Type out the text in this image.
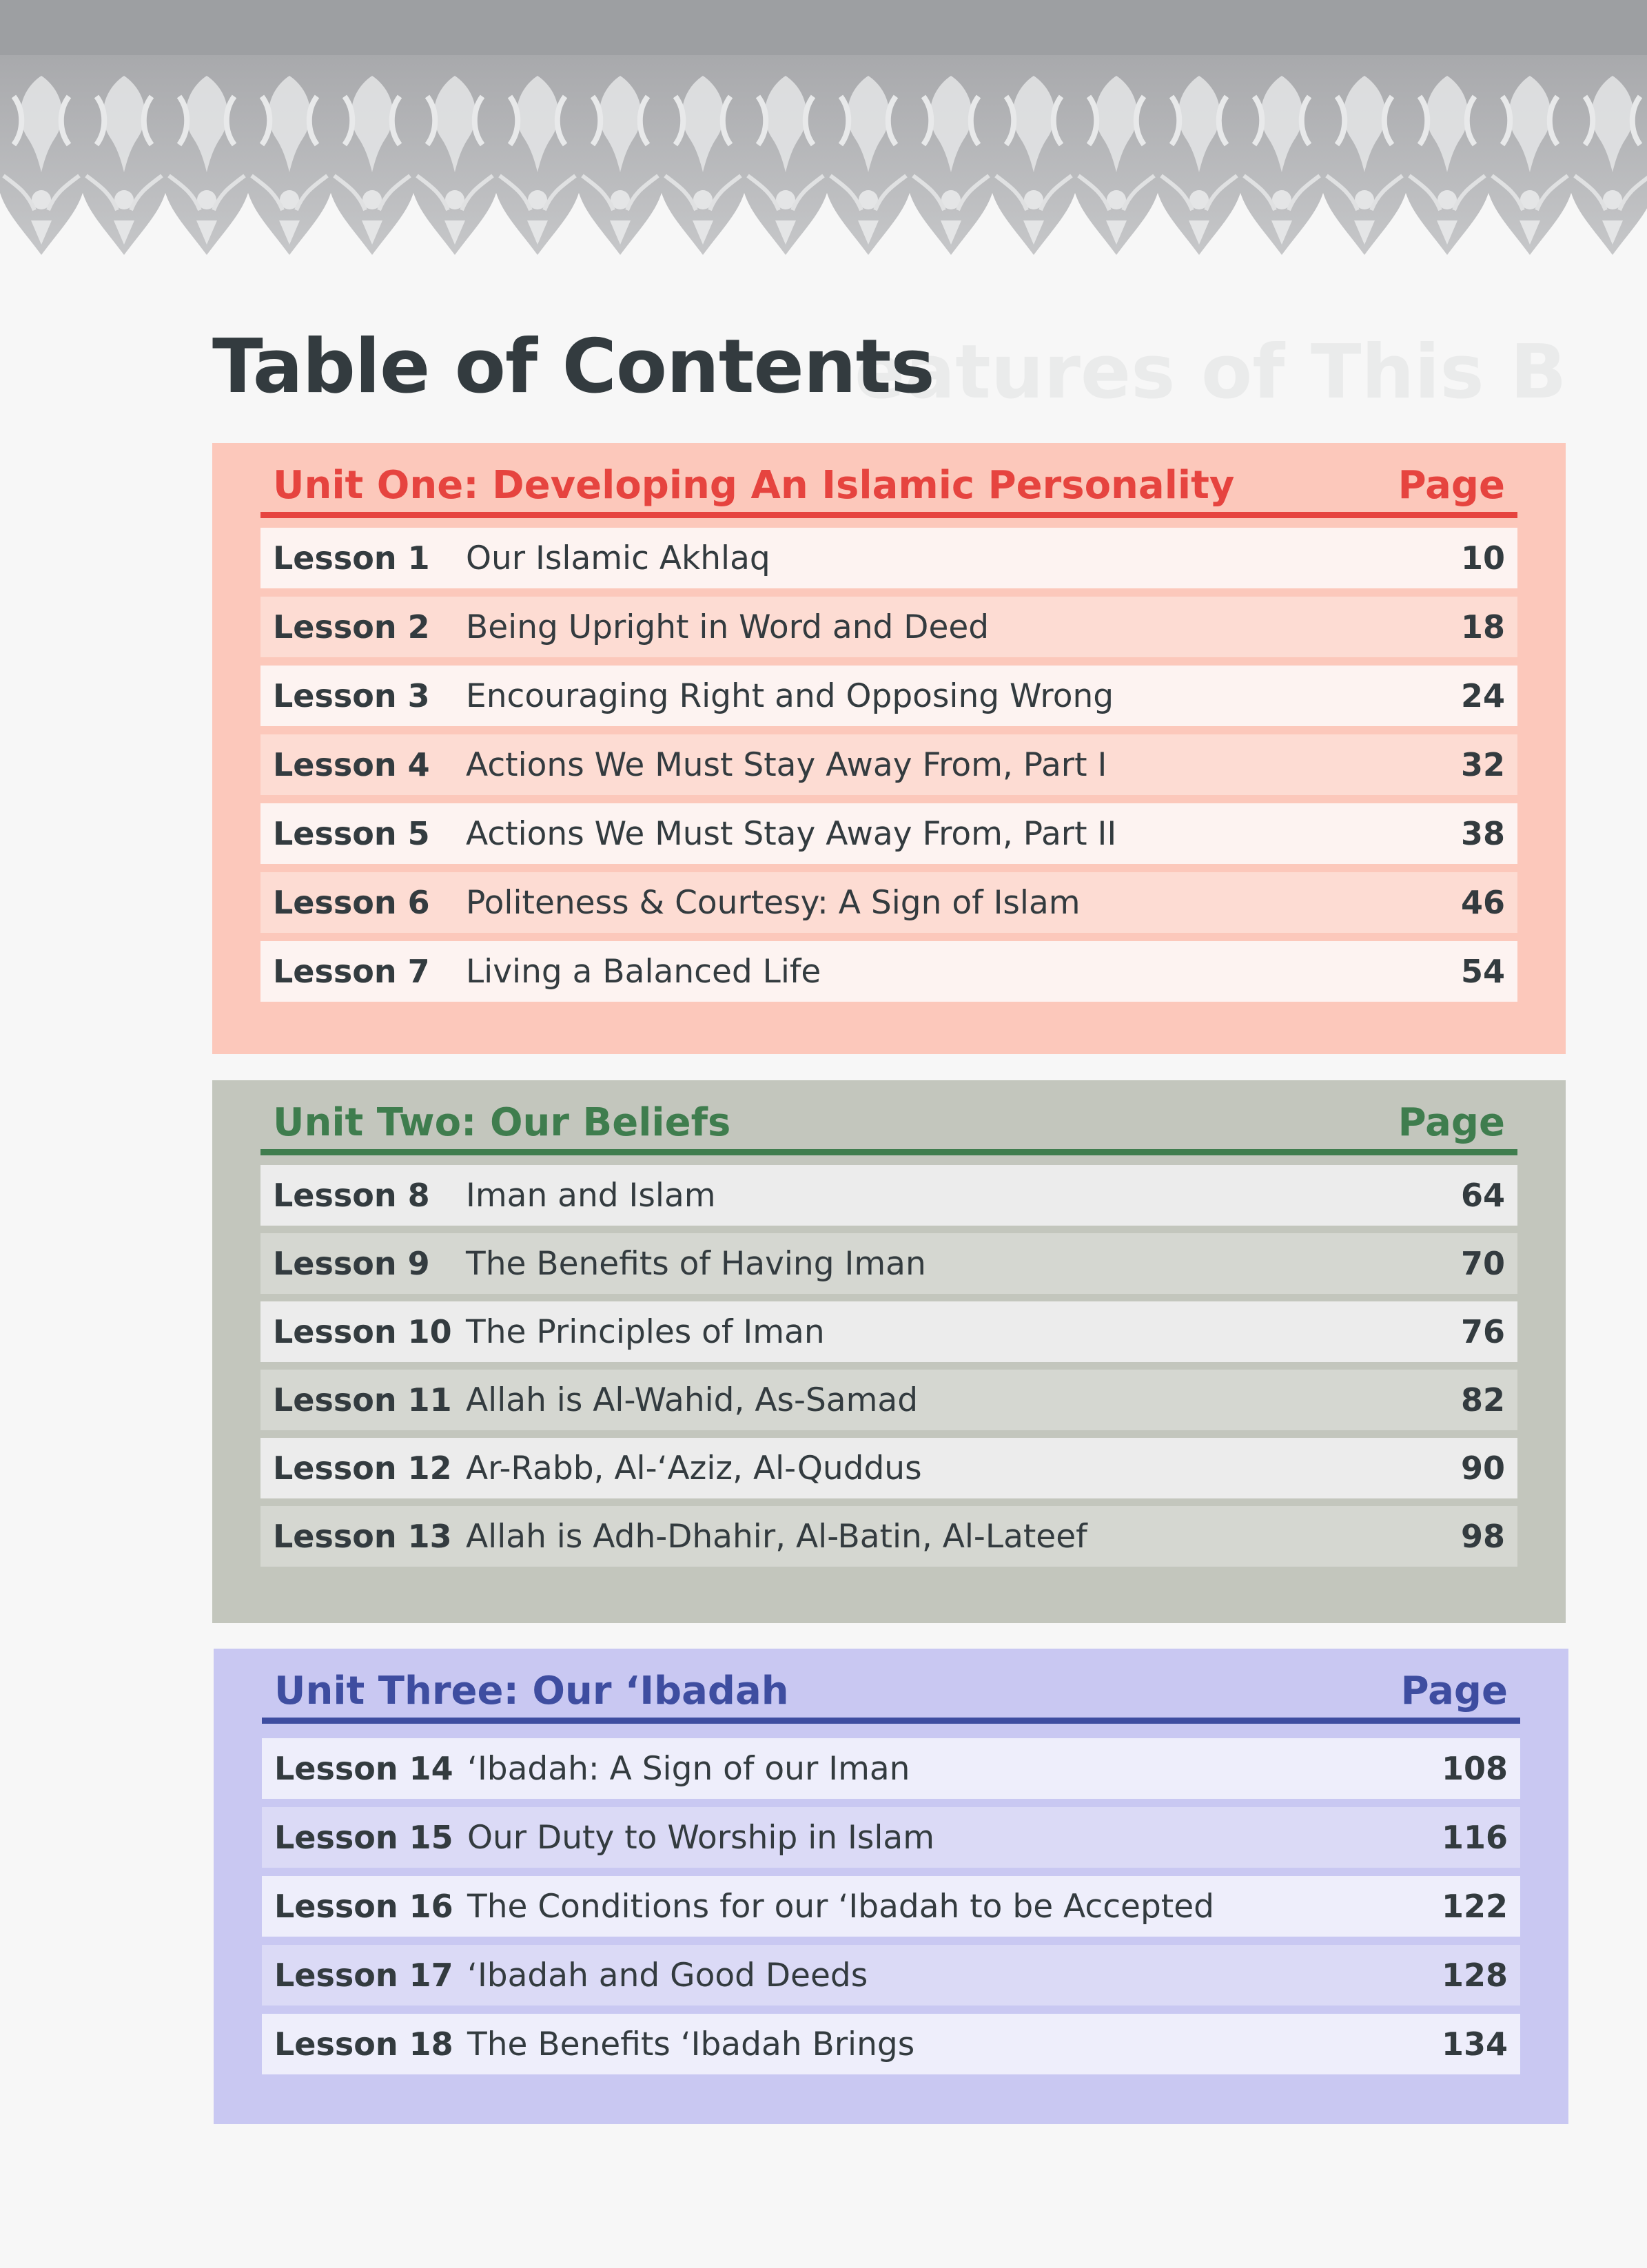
eatures of This B
Table of Contents
Unit One: Developing An Islamic Personality	Page
Lesson 1	Our Islamic Akhlaq	10
Lesson 2	Being Upright in Word and Deed	18
Lesson 3	Encouraging Right and Opposing Wrong	24
Lesson 4	Actions We Must Stay Away From, Part I	32
Lesson 5	Actions We Must Stay Away From, Part II	38
Lesson 6	Politeness & Courtesy: A Sign of Islam	46
Lesson 7	Living a Balanced Life	54
Unit Two: Our Beliefs	Page
Lesson 8	Iman and Islam	64
Lesson 9	The Benefits of Having Iman	70
Lesson 10 The Principles of Iman	76
Lesson 11 Allah is Al-Wahid, As-Samad	82
Lesson 12 Ar-Rabb, Al-‘Aziz, Al-Quddus	90
Lesson 13 Allah is Adh-Dhahir, Al-Batin, Al-Lateef	98
Unit Three: Our ‘Ibadah	Page
Lesson 14 ‘Ibadah: A Sign of our Iman	108
Lesson 15 Our Duty to Worship in Islam	116
Lesson 16 The Conditions for our ‘Ibadah to be Accepted	122
Lesson 17 ‘Ibadah and Good Deeds	128
Lesson 18 The Benefits ‘Ibadah Brings	134
